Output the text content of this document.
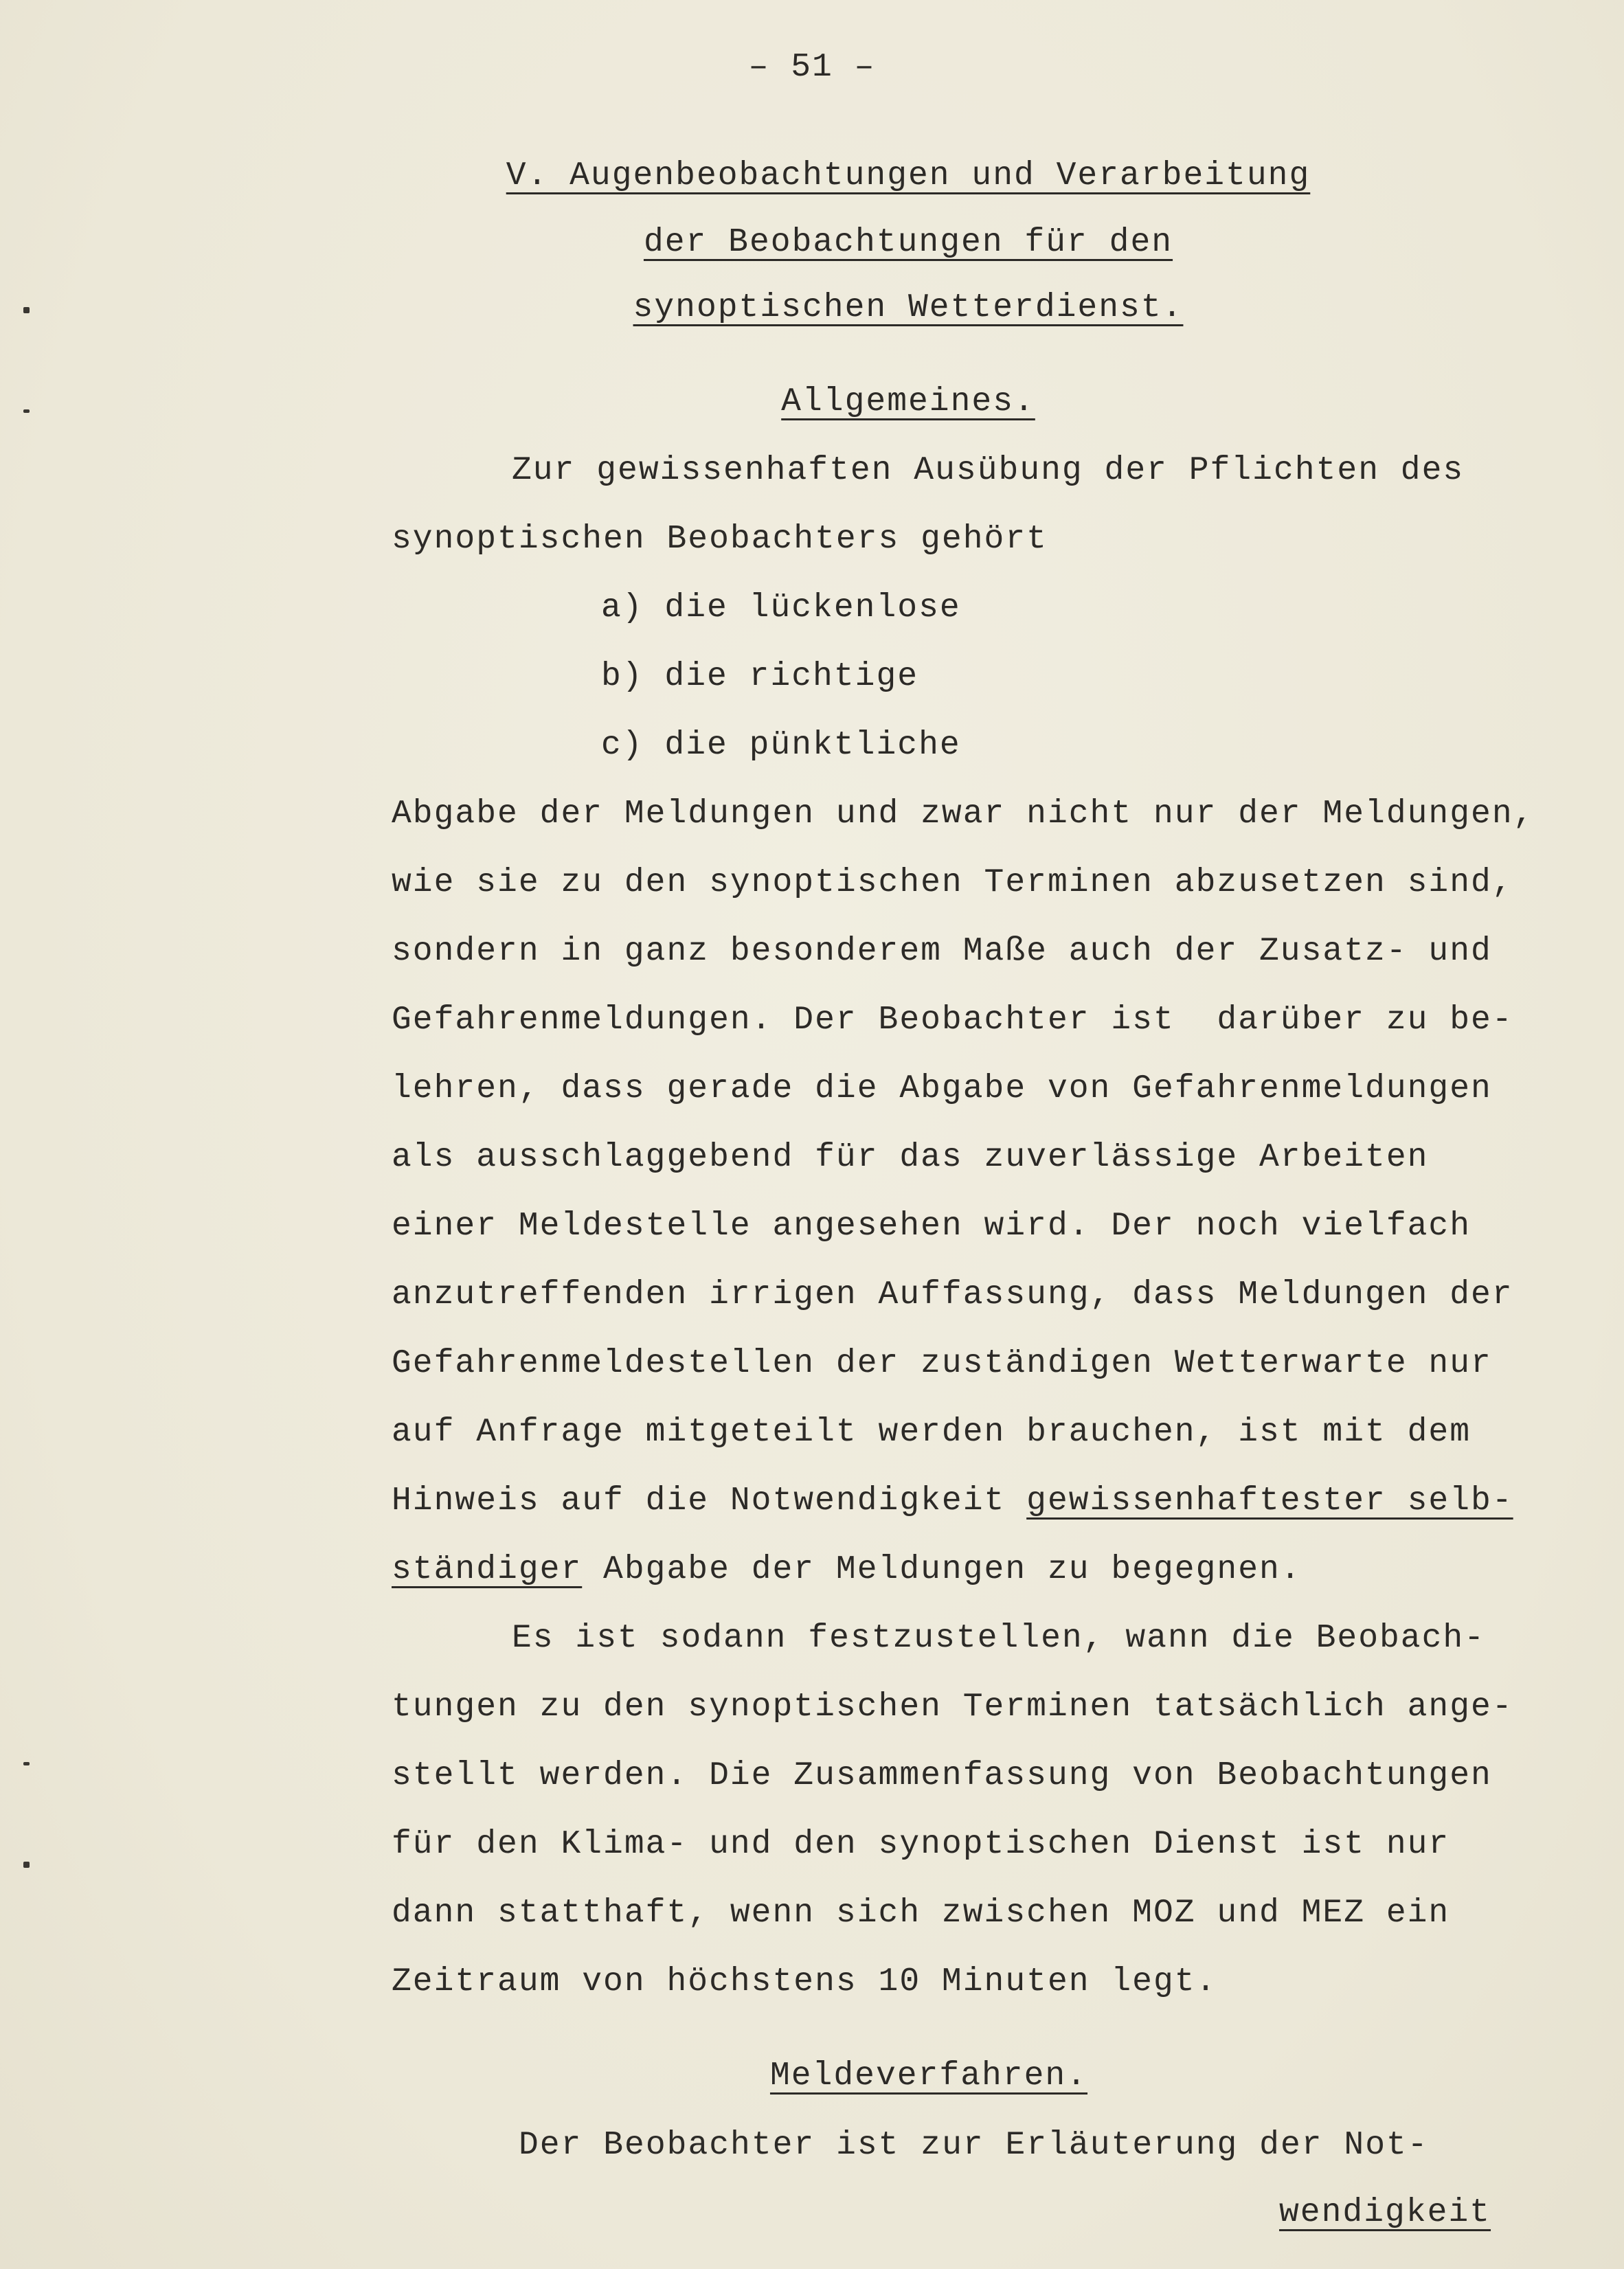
– 51 –
V. Augenbeobachtungen und Verarbeitung
der Beobachtungen für den
synoptischen Wetterdienst.
Allgemeines.
Zur gewissenhaften Ausübung der Pflichten des
synoptischen Beobachters gehört
a) die lückenlose
b) die richtige
c) die pünktliche
Abgabe der Meldungen und zwar nicht nur der Meldungen,
wie sie zu den synoptischen Terminen abzusetzen sind,
sondern in ganz besonderem Maße auch der Zusatz- und
Gefahrenmeldungen. Der Beobachter ist  darüber zu be-
lehren, dass gerade die Abgabe von Gefahrenmeldungen
als ausschlaggebend für das zuverlässige Arbeiten
einer Meldestelle angesehen wird. Der noch vielfach
anzutreffenden irrigen Auffassung, dass Meldungen der
Gefahrenmeldestellen der zuständigen Wetterwarte nur
auf Anfrage mitgeteilt werden brauchen, ist mit dem
Hinweis auf die Notwendigkeit gewissenhaftester selb-
ständiger Abgabe der Meldungen zu begegnen.
Es ist sodann festzustellen, wann die Beobach-
tungen zu den synoptischen Terminen tatsächlich ange-
stellt werden. Die Zusammenfassung von Beobachtungen
für den Klima- und den synoptischen Dienst ist nur
dann statthaft, wenn sich zwischen MOZ und MEZ ein
Zeitraum von höchstens 10 Minuten legt.
Meldeverfahren.
Der Beobachter ist zur Erläuterung der Not-
wendigkeit
